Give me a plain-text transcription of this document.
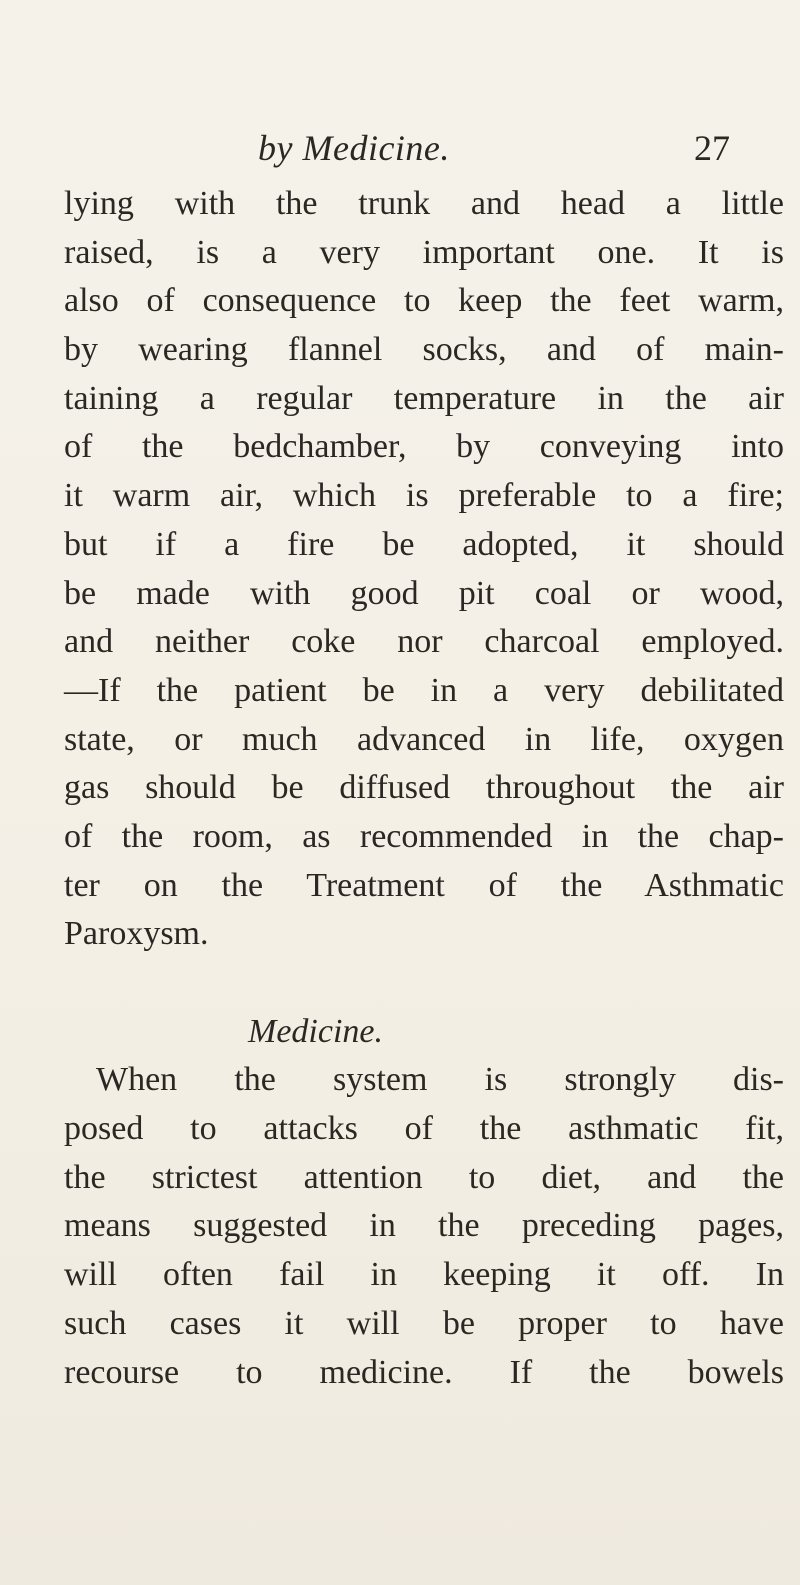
by Medicine.	27
lying with the trunk and head a little
raised, is a very important one. It is
also of consequence to keep the feet warm,
by wearing flannel socks, and of main-
taining a regular temperature in the air
of the bedchamber, by conveying into
it warm air, which is preferable to a fire;
but if a fire be adopted, it should
be made with good pit coal or wood,
and neither coke nor charcoal employed.
—If the patient be in a very debilitated
state, or much advanced in life, oxygen
gas should be diffused throughout the air
of the room, as recommended in the chap-
ter on the Treatment of the Asthmatic
Paroxysm.
Medicine.
When the system is strongly dis-
posed to attacks of the asthmatic fit,
the strictest attention to diet, and the
means suggested in the preceding pages,
will often fail in keeping it off. In
such cases it will be proper to have
recourse to medicine. If the bowels
